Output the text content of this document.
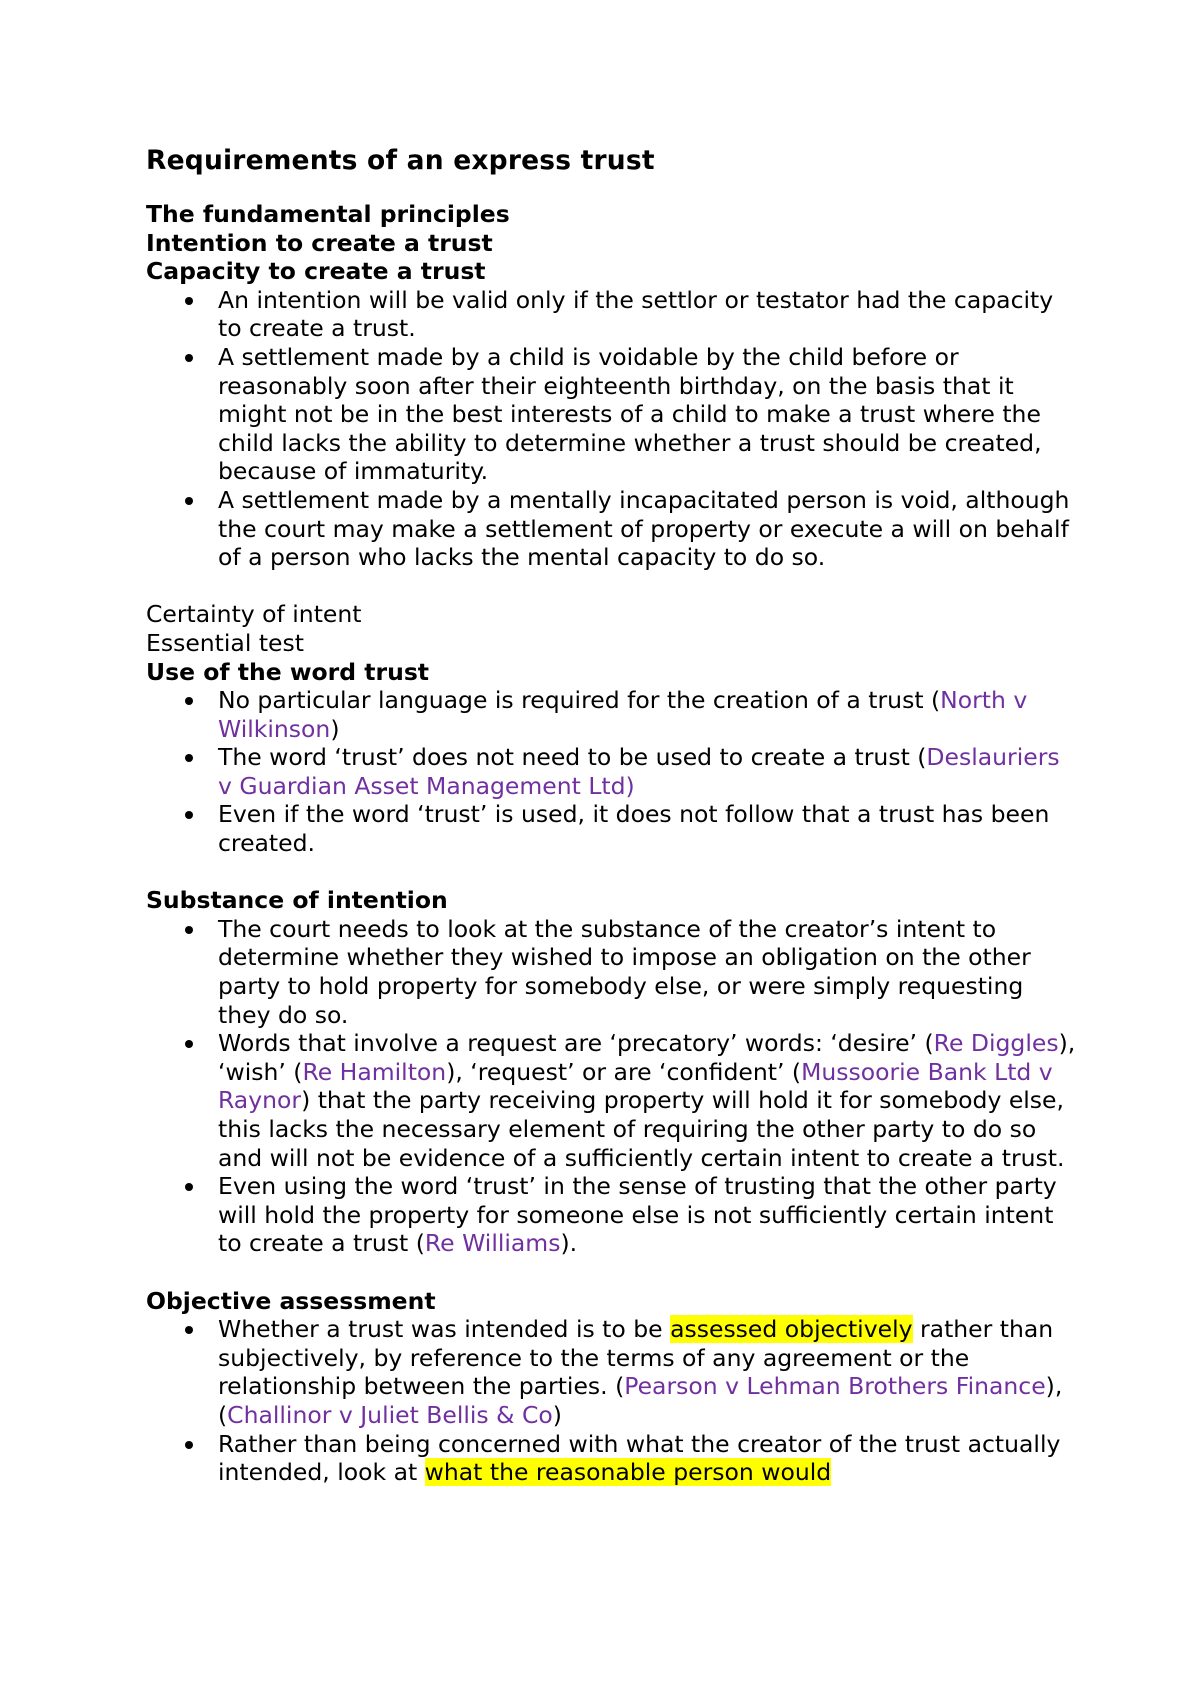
Requirements of an express trust

The fundamental principles

Intention to create a trust

Capacity to create a trust

An intention will be valid only if the settlor or testator had the capacity to create a trust.
A settlement made by a child is voidable by the child before or reasonably soon after their eighteenth birthday, on the basis that it might not be in the best interests of a child to make a trust where the child lacks the ability to determine whether a trust should be created, because of immaturity.
A settlement made by a mentally incapacitated person is void, although the court may make a settlement of property or execute a will on behalf of a person who lacks the mental capacity to do so.

Certainty of intent

Essential test

Use of the word trust

No particular language is required for the creation of a trust (North v Wilkinson)
The word ‘trust’ does not need to be used to create a trust (Deslauriers v Guardian Asset Management Ltd)
Even if the word ‘trust’ is used, it does not follow that a trust has been created.

Substance of intention

The court needs to look at the substance of the creator’s intent to determine whether they wished to impose an obligation on the other party to hold property for somebody else, or were simply requesting they do so.
Words that involve a request are ‘precatory’ words: ‘desire’ (Re Diggles), ‘wish’ (Re Hamilton), ‘request’ or are ‘confident’ (Mussoorie Bank Ltd v Raynor) that the party receiving property will hold it for somebody else, this lacks the necessary element of requiring the other party to do so and will not be evidence of a sufficiently certain intent to create a trust.
Even using the word ‘trust’ in the sense of trusting that the other party will hold the property for someone else is not sufficiently certain intent to create a trust (Re Williams).

Objective assessment

Whether a trust was intended is to be assessed objectively rather than subjectively, by reference to the terms of any agreement or the relationship between the parties. (Pearson v Lehman Brothers Finance), (Challinor v Juliet Bellis & Co)
Rather than being concerned with what the creator of the trust actually intended, look at what the reasonable person would
